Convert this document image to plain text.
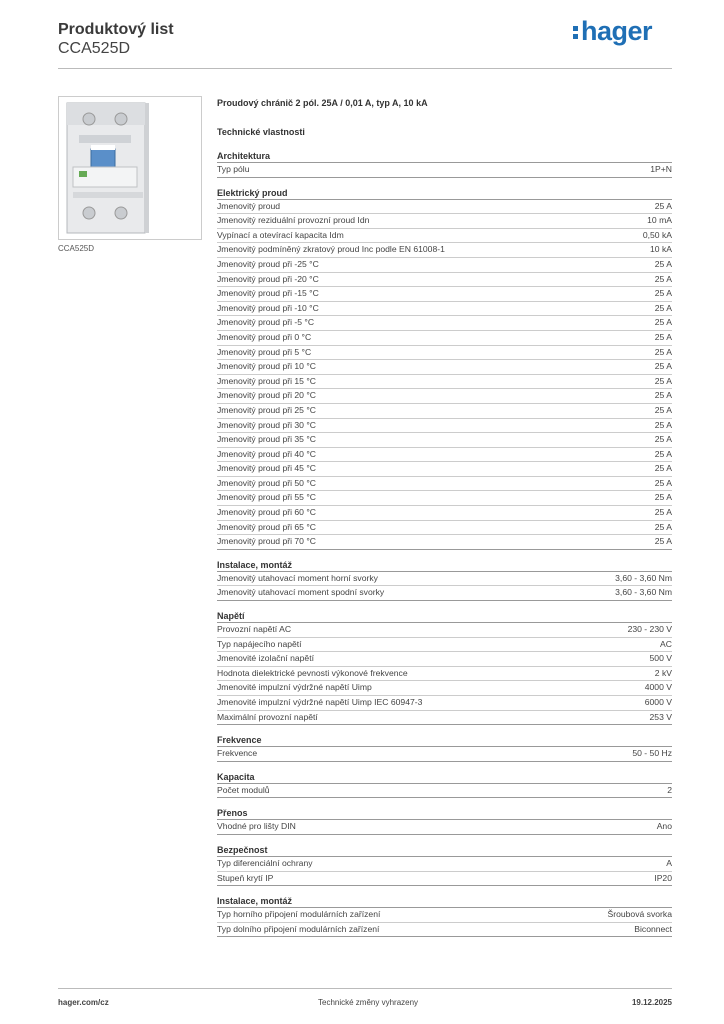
Produktový list
CCA525D
hager
CCA525D
Proudový chránič 2 pól. 25A / 0,01 A, typ A, 10 kA
Technické vlastnosti
Architektura
Typ pólu	1P+N
Elektrický proud
Jmenovitý proud	25 A
Jmenovitý reziduální provozní proud Idn	10 mA
Vypínací a otevírací kapacita Idm	0,50 kA
Jmenovitý podmíněný zkratový proud Inc podle EN 61008-1	10 kA
Jmenovitý proud při -25 °C	25 A
Jmenovitý proud při -20 °C	25 A
Jmenovitý proud při -15 °C	25 A
Jmenovitý proud při -10 °C	25 A
Jmenovitý proud při -5 °C	25 A
Jmenovitý proud při 0 °C	25 A
Jmenovitý proud při 5 °C	25 A
Jmenovitý proud při 10 °C	25 A
Jmenovitý proud při 15 °C	25 A
Jmenovitý proud při 20 °C	25 A
Jmenovitý proud při 25 °C	25 A
Jmenovitý proud při 30 °C	25 A
Jmenovitý proud při 35 °C	25 A
Jmenovitý proud při 40 °C	25 A
Jmenovitý proud při 45 °C	25 A
Jmenovitý proud při 50 °C	25 A
Jmenovitý proud při 55 °C	25 A
Jmenovitý proud při 60 °C	25 A
Jmenovitý proud při 65 °C	25 A
Jmenovitý proud při 70 °C	25 A
Instalace, montáž
Jmenovitý utahovací moment horní svorky	3,60 - 3,60 Nm
Jmenovitý utahovací moment spodní svorky	3,60 - 3,60 Nm
Napětí
Provozní napětí AC	230 - 230 V
Typ napájecího napětí	AC
Jmenovité izolační napětí	500 V
Hodnota dielektrické pevnosti výkonové frekvence	2 kV
Jmenovité impulzní výdržné napětí Uimp	4000 V
Jmenovité impulzní výdržné napětí Uimp IEC 60947-3	6000 V
Maximální provozní napětí	253 V
Frekvence
Frekvence	50 - 50 Hz
Kapacita
Počet modulů	2
Přenos
Vhodné pro lišty DIN	Ano
Bezpečnost
Typ diferenciální ochrany	A
Stupeň krytí IP	IP20
Instalace, montáž
Typ horního připojení modulárních zařízení	Šroubová svorka
Typ dolního připojení modulárních zařízení	Biconnect
hager.com/cz	Technické změny vyhrazeny	19.12.2025
